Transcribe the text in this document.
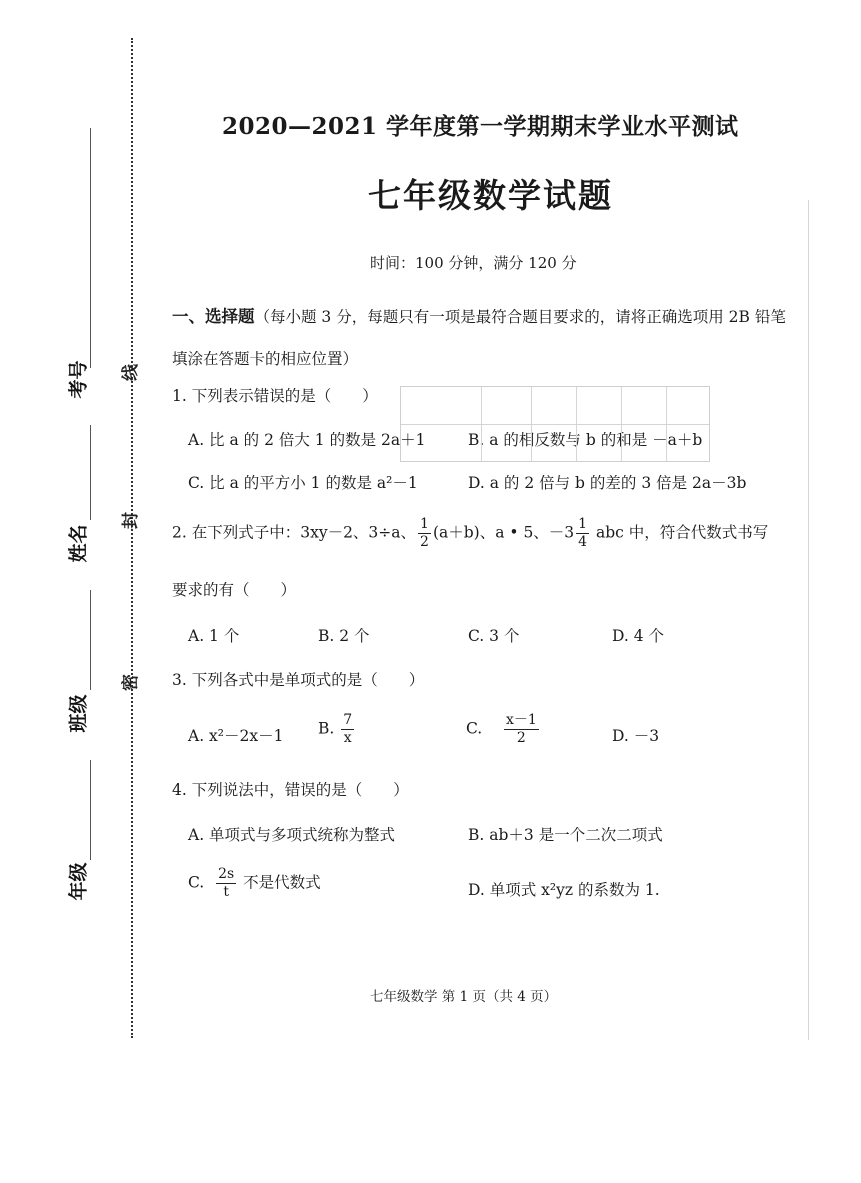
考号
姓名
班级
年级
线
封
密
2020—2021 学年度第一学期期末学业水平测试
七年级数学试题
时间：100 分钟，满分 120 分
一、选择题（每小题 3 分，每题只有一项是最符合题目要求的，请将正确选项用 2B 铅笔填涂在答题卡的相应位置）
1. 下列表示错误的是（　　）
A. 比 a 的 2 倍大 1 的数是 2a＋1	B. a 的相反数与 b 的和是 －a＋b
C. 比 a 的平方小 1 的数是 a²－1	D. a 的 2 倍与 b 的差的 3 倍是 2a－3b
2. 在下列式子中：3xy－2、3÷a、 $\frac{1}{2} (a+b)$、a • 5、$-3 \frac{1}{4}$ abc 中，符合代数式书写
要求的有（　　）
A. 1 个	B. 2 个	C. 3 个	D. 4 个
3. 下列各式中是单项式的是（　　）
A. x²－2x－1 B. $\frac{7}{x}$	C. $\frac{x-1}{2}$	D. －3
4. 下列说法中，错误的是（　　）
A. 单项式与多项式统称为整式	B. ab＋3 是一个二次二项式
C. $\frac{2s}{t}$ 不是代数式	D. 单项式 x²yz 的系数为 1.
七年级数学 第 1 页（共 4 页）
